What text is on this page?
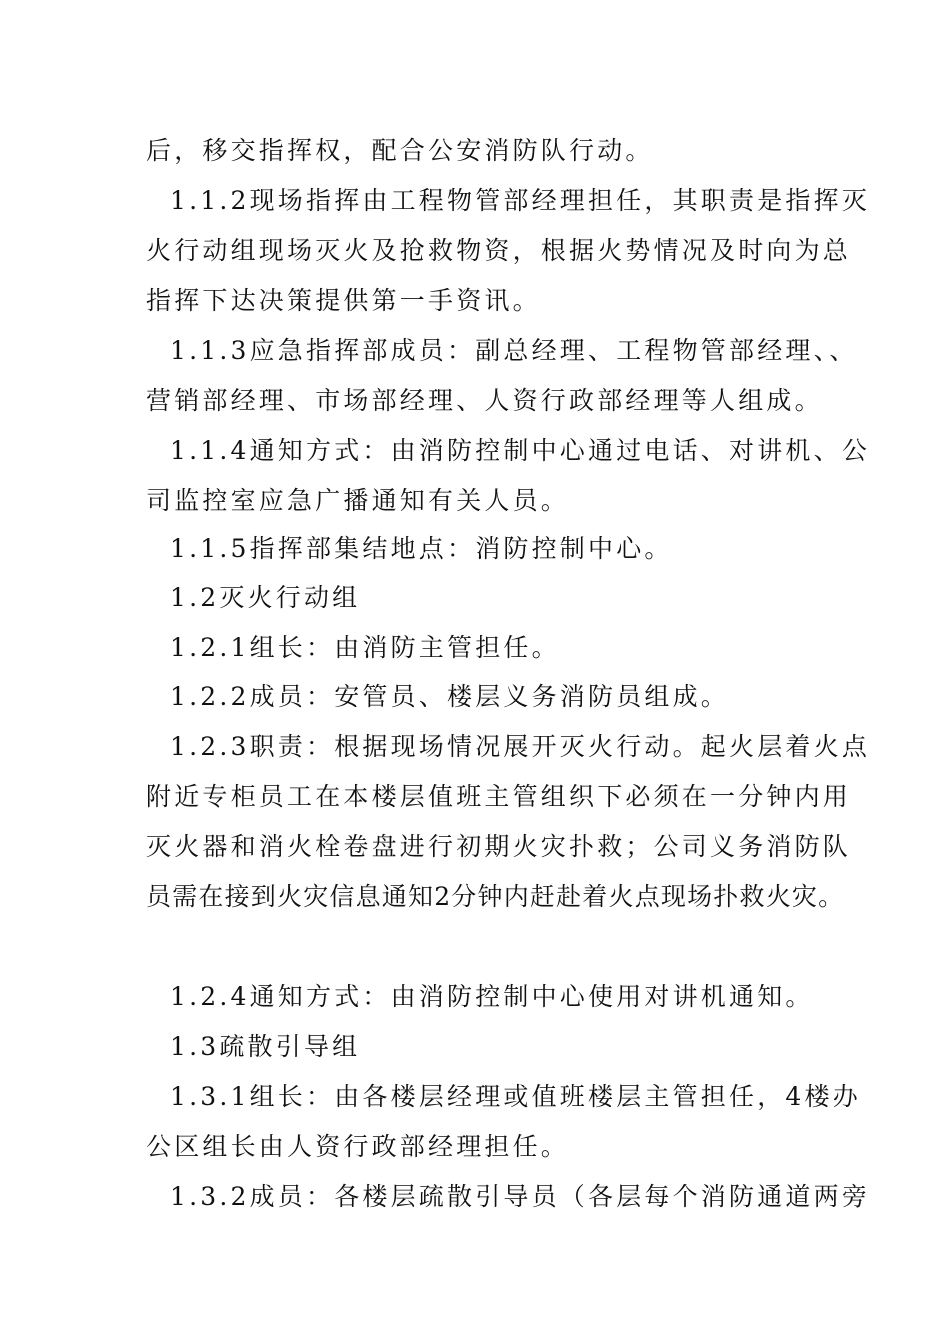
后，移交指挥权，配合公安消防队行动。
1.1.2现场指挥由工程物管部经理担任，其职责是指挥灭
火行动组现场灭火及抢救物资，根据火势情况及时向为总
指挥下达决策提供第一手资讯。
1.1.3应急指挥部成员：副总经理、工程物管部经理、、
营销部经理、市场部经理、人资行政部经理等人组成。
1.1.4通知方式：由消防控制中心通过电话、对讲机、公
司监控室应急广播通知有关人员。
1.1.5指挥部集结地点：消防控制中心。
1.2灭火行动组
1.2.1组长：由消防主管担任。
1.2.2成员：安管员、楼层义务消防员组成。
1.2.3职责：根据现场情况展开灭火行动。起火层着火点
附近专柜员工在本楼层值班主管组织下必须在一分钟内用
灭火器和消火栓卷盘进行初期火灾扑救；公司义务消防队
员需在接到火灾信息通知2分钟内赶赴着火点现场扑救火灾。
1.2.4通知方式：由消防控制中心使用对讲机通知。
1.3疏散引导组
1.3.1组长：由各楼层经理或值班楼层主管担任，4楼办
公区组长由人资行政部经理担任。
1.3.2成员：各楼层疏散引导员（各层每个消防通道两旁
